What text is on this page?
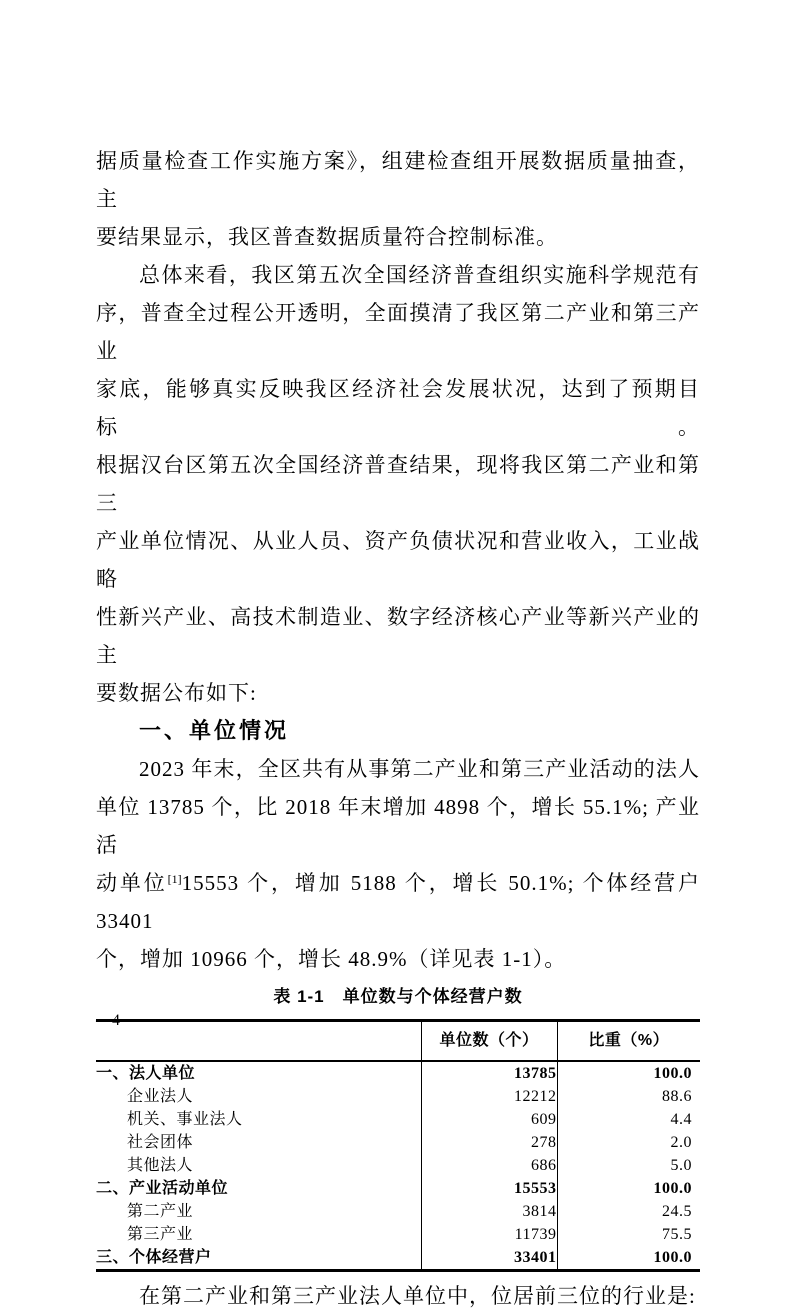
据质量检查工作实施方案》，组建检查组开展数据质量抽查，主
要结果显示，我区普查数据质量符合控制标准。

总体来看，我区第五次全国经济普查组织实施科学规范有
序，普查全过程公开透明，全面摸清了我区第二产业和第三产业
家底，能够真实反映我区经济社会发展状况，达到了预期目标。
根据汉台区第五次全国经济普查结果，现将我区第二产业和第三
产业单位情况、从业人员、资产负债状况和营业收入，工业战略
性新兴产业、高技术制造业、数字经济核心产业等新兴产业的主
要数据公布如下:

一、单位情况

2023 年末，全区共有从事第二产业和第三产业活动的法人
单位 13785 个，比 2018 年末增加 4898 个，增长 55.1%; 产业活
动单位[1]15553 个，增加 5188 个，增长 50.1%; 个体经营户 33401
个，增加 10966 个，增长 48.9%（详见表 1-1）。

表 1-1　单位数与个体经营户数
	单位数（个）	比重（%）
一、法人单位	13785	100.0
企业法人	12212	88.6
机关、事业法人	609	4.4
社会团体	278	2.0
其他法人	686	5.0
二、产业活动单位	15553	100.0
第二产业	3814	24.5
第三产业	11739	75.5
三、个体经营户	33401	100.0

在第二产业和第三产业法人单位中，位居前三位的行业是:

– 4 –
